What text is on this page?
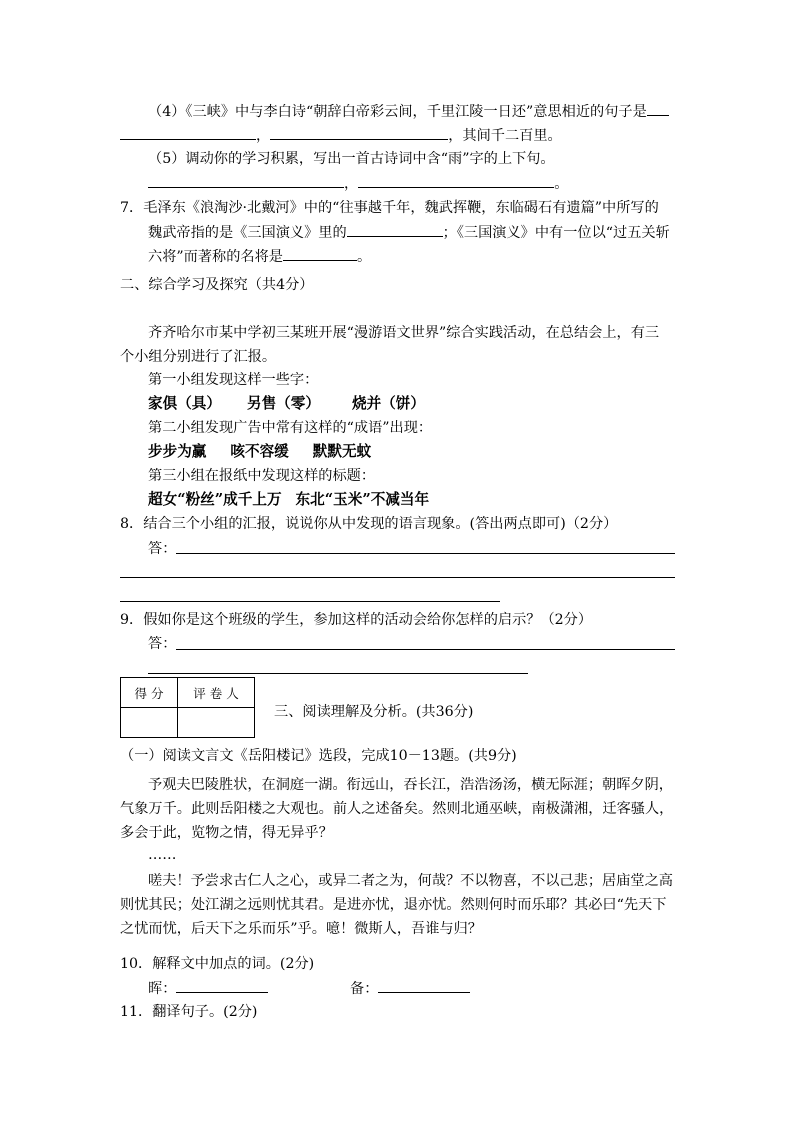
（4）《三峡》中与李白诗“朝辞白帝彩云间，千里江陵一日还”意思相近的句子是
，	，其间千二百里。
（5）调动你的学习积累，写出一首古诗词中含“雨”字的上下句。
，	。
7．毛泽东《浪淘沙·北戴河》中的“往事越千年，魏武挥鞭，东临碣石有遗篇”中所写的
魏武帝指的是《三国演义》里的	；《三国演义》中有一位以“过五关斩
六将”而著称的名将是	。
二、综合学习及探究（共4分）
齐齐哈尔市某中学初三某班开展“漫游语文世界”综合实践活动，在总结会上，有三
个小组分别进行了汇报。
第一小组发现这样一些字：
家俱（具） 另售（零） 烧并（饼）
第二小组发现广告中常有这样的“成语”出现：
步步为赢 咳不容缓 默默无蚊
第三小组在报纸中发现这样的标题：
超女“粉丝”成千上万 东北“玉米”不减当年
8．结合三个小组的汇报，说说你从中发现的语言现象。(答出两点即可)（2分）
答：
9．假如你是这个班级的学生，参加这样的活动会给你怎样的启示？（2分）
答：
得 分	评 卷 人

三、阅读理解及分析。(共36分)
（一）阅读文言文《岳阳楼记》选段，完成10－13题。(共9分)
予观夫巴陵胜状，在洞庭一湖。衔远山，吞长江，浩浩汤汤，横无际涯；朝晖夕阴，
气象万千。此则岳阳楼之大观也。前人之述备矣。然则北通巫峡，南极潇湘，迁客骚人，
多会于此，览物之情，得无异乎？
……
嗟夫！予尝求古仁人之心，或异二者之为，何哉？不以物喜，不以己悲；居庙堂之高
则忧其民；处江湖之远则忧其君。是进亦忧，退亦忧。然则何时而乐耶？其必曰“先天下
之忧而忧，后天下之乐而乐”乎。噫！微斯人，吾谁与归？
10．解释文中加点的词。(2分)
晖：	备：
11．翻译句子。(2分)
